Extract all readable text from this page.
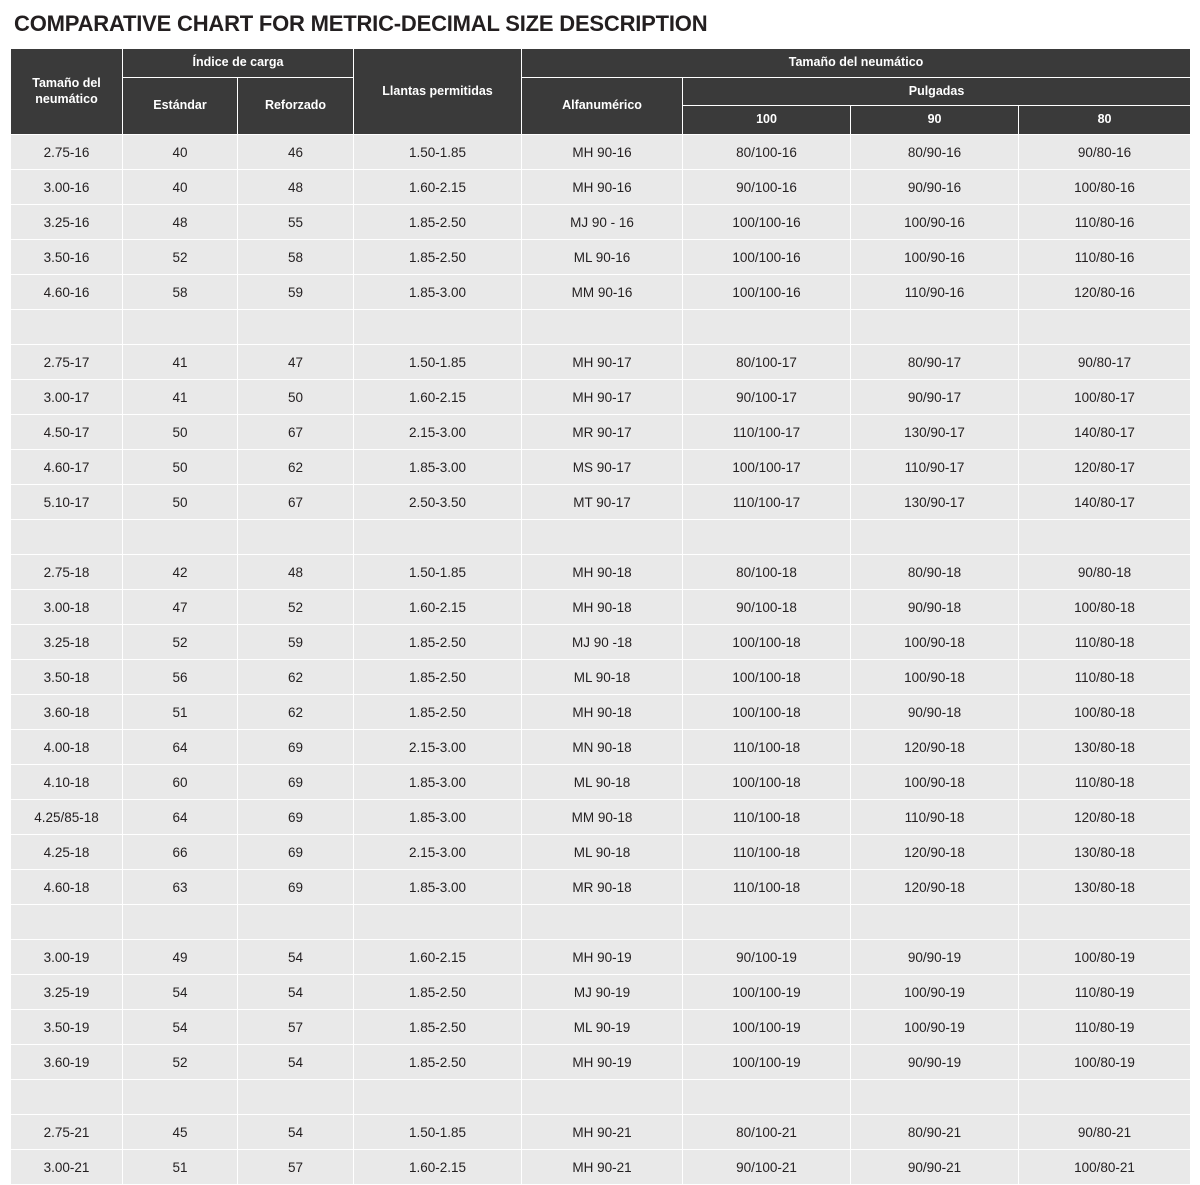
COMPARATIVE CHART FOR METRIC-DECIMAL SIZE DESCRIPTION
Tamaño del neumático	Índice de carga		Llantas permitidas	Tamaño del neumático			
	Estándar	Reforzado		Alfanumérico	Pulgadas		
					100	90	80
2.75-16	40	46	1.50-1.85	MH 90-16	80/100-16	80/90-16	90/80-16
3.00-16	40	48	1.60-2.15	MH 90-16	90/100-16	90/90-16	100/80-16
3.25-16	48	55	1.85-2.50	MJ 90 - 16	100/100-16	100/90-16	110/80-16
3.50-16	52	58	1.85-2.50	ML 90-16	100/100-16	100/90-16	110/80-16
4.60-16	58	59	1.85-3.00	MM 90-16	100/100-16	110/90-16	120/80-16

2.75-17	41	47	1.50-1.85	MH 90-17	80/100-17	80/90-17	90/80-17
3.00-17	41	50	1.60-2.15	MH 90-17	90/100-17	90/90-17	100/80-17
4.50-17	50	67	2.15-3.00	MR 90-17	110/100-17	130/90-17	140/80-17
4.60-17	50	62	1.85-3.00	MS 90-17	100/100-17	110/90-17	120/80-17
5.10-17	50	67	2.50-3.50	MT 90-17	110/100-17	130/90-17	140/80-17

2.75-18	42	48	1.50-1.85	MH 90-18	80/100-18	80/90-18	90/80-18
3.00-18	47	52	1.60-2.15	MH 90-18	90/100-18	90/90-18	100/80-18
3.25-18	52	59	1.85-2.50	MJ 90 -18	100/100-18	100/90-18	110/80-18
3.50-18	56	62	1.85-2.50	ML 90-18	100/100-18	100/90-18	110/80-18
3.60-18	51	62	1.85-2.50	MH 90-18	100/100-18	90/90-18	100/80-18
4.00-18	64	69	2.15-3.00	MN 90-18	110/100-18	120/90-18	130/80-18
4.10-18	60	69	1.85-3.00	ML 90-18	100/100-18	100/90-18	110/80-18
4.25/85-18	64	69	1.85-3.00	MM 90-18	110/100-18	110/90-18	120/80-18
4.25-18	66	69	2.15-3.00	ML 90-18	110/100-18	120/90-18	130/80-18
4.60-18	63	69	1.85-3.00	MR 90-18	110/100-18	120/90-18	130/80-18

3.00-19	49	54	1.60-2.15	MH 90-19	90/100-19	90/90-19	100/80-19
3.25-19	54	54	1.85-2.50	MJ 90-19	100/100-19	100/90-19	110/80-19
3.50-19	54	57	1.85-2.50	ML 90-19	100/100-19	100/90-19	110/80-19
3.60-19	52	54	1.85-2.50	MH 90-19	100/100-19	90/90-19	100/80-19

2.75-21	45	54	1.50-1.85	MH 90-21	80/100-21	80/90-21	90/80-21
3.00-21	51	57	1.60-2.15	MH 90-21	90/100-21	90/90-21	100/80-21
